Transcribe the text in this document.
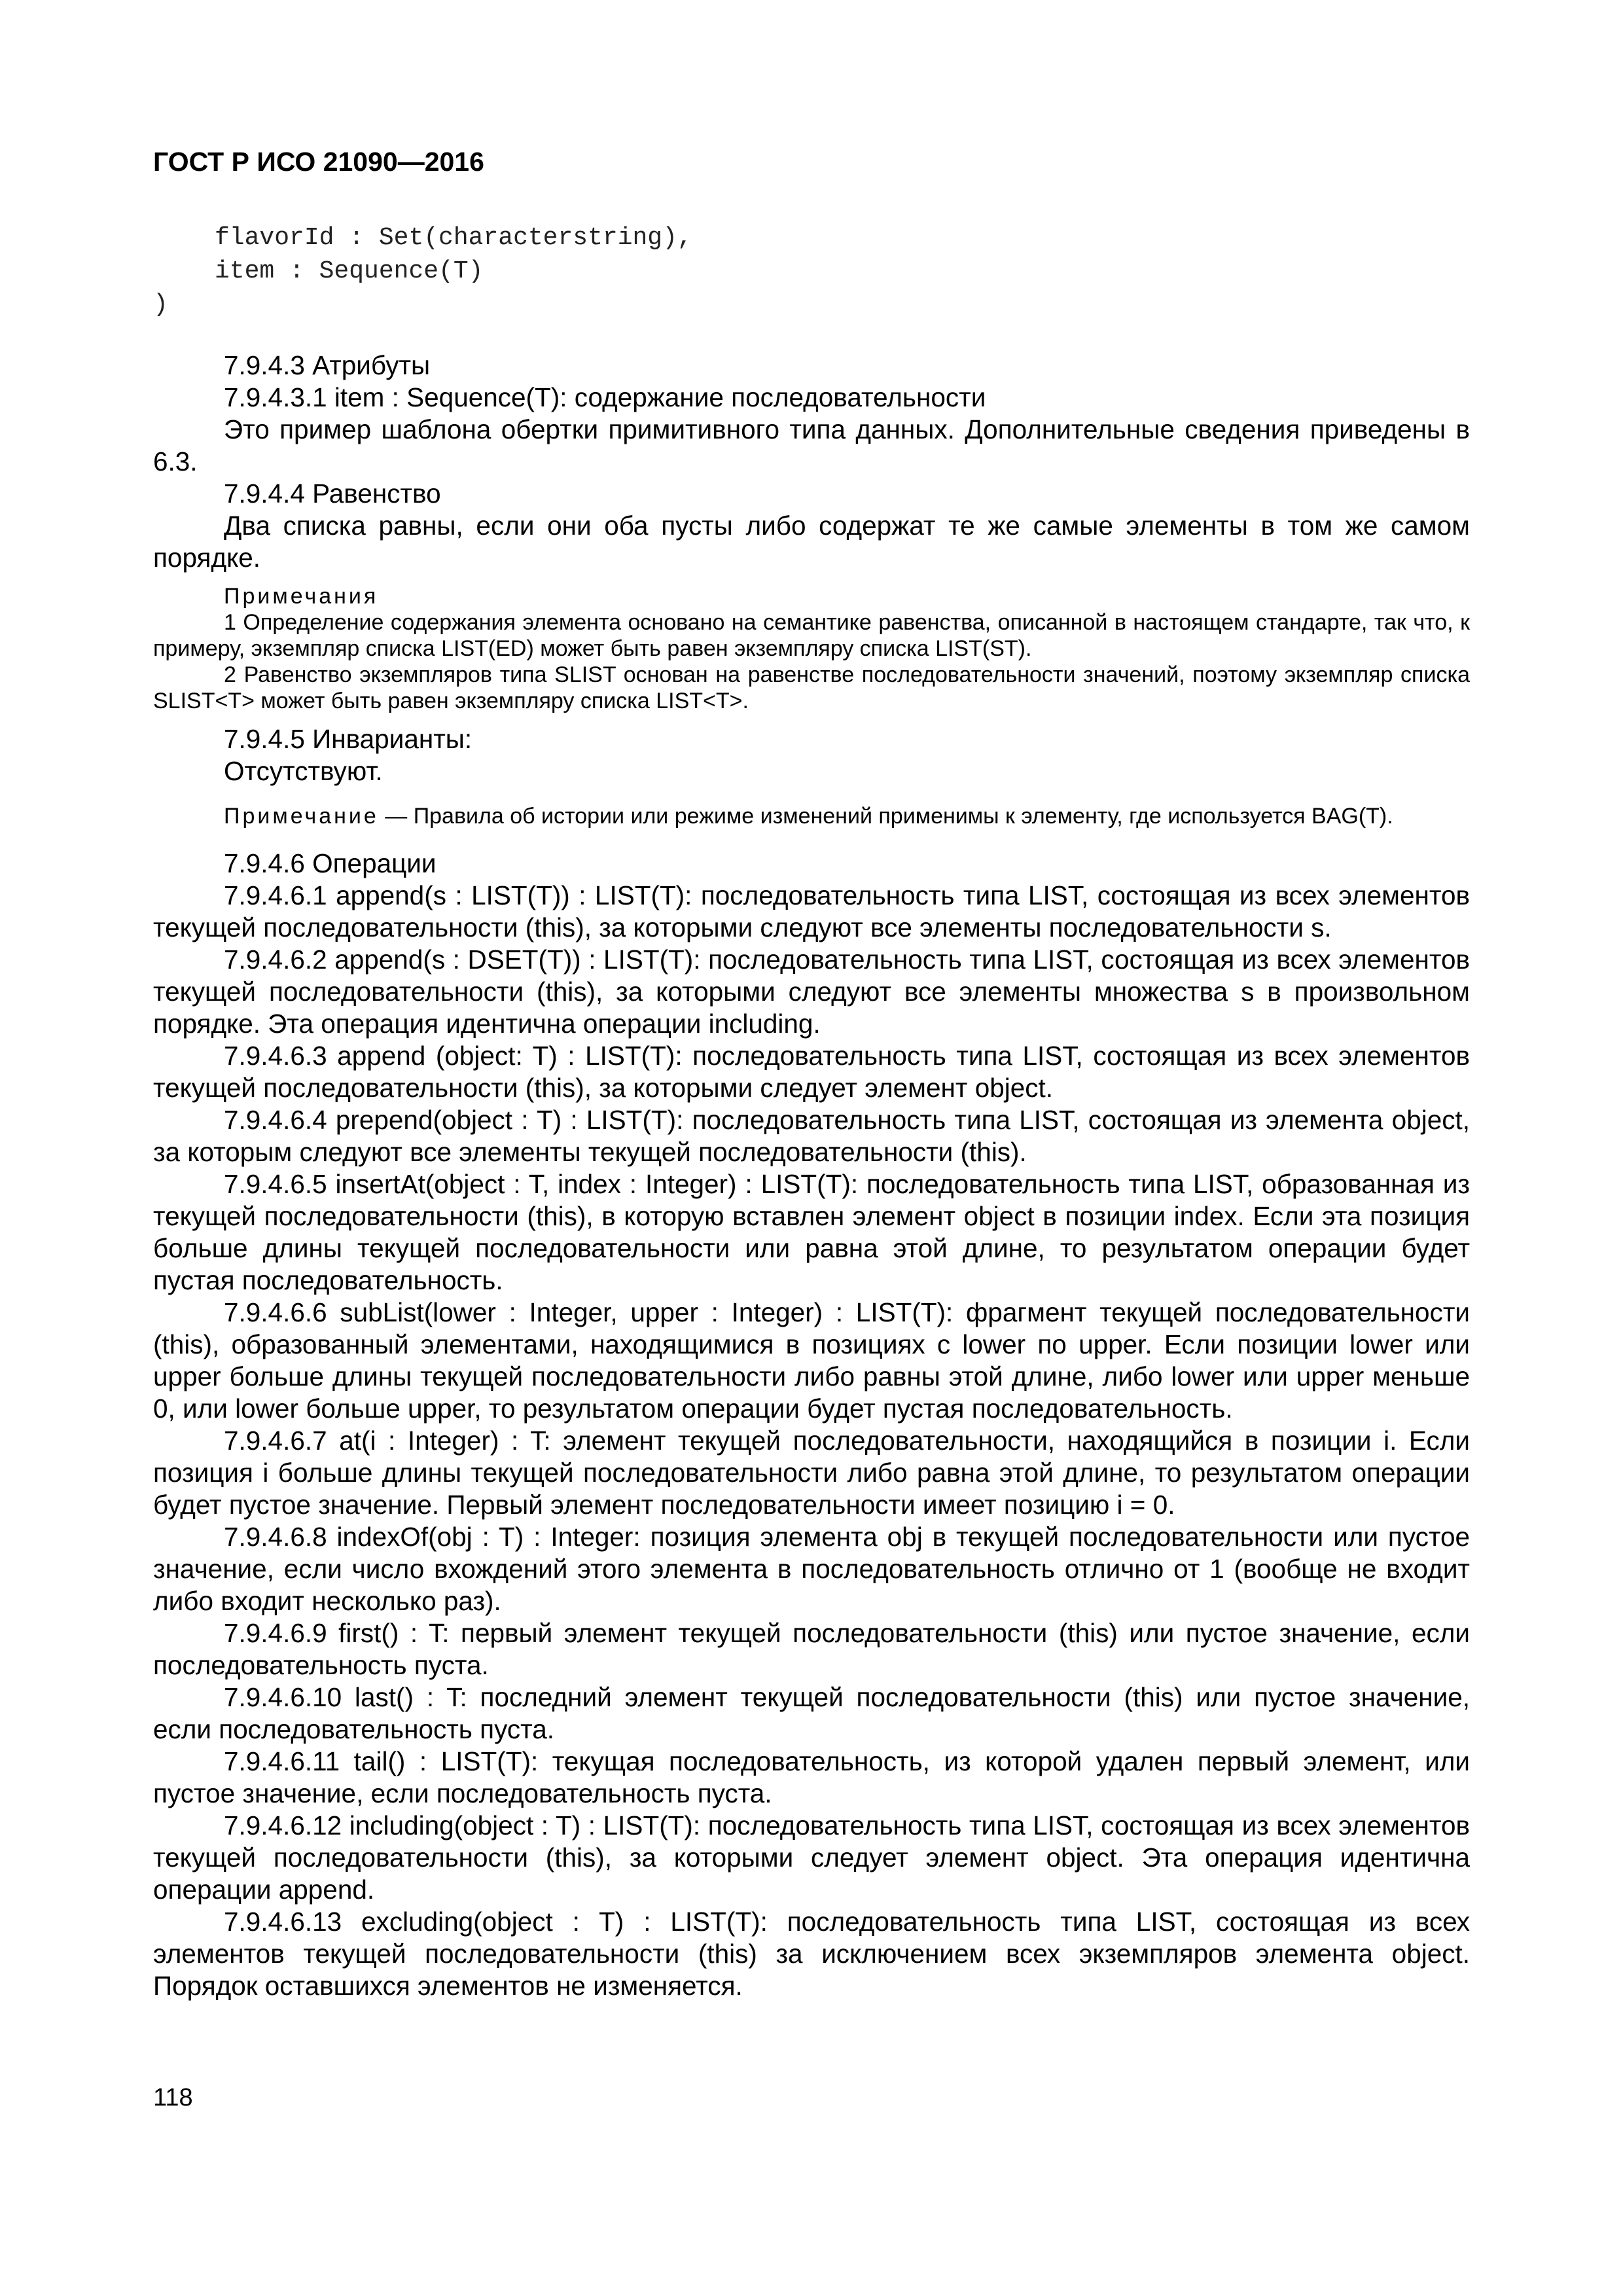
ГОСТ Р ИСО 21090—2016
flavorId : Set(characterstring),
item : Sequence(T)
)

7.9.4.3 Атрибуты

7.9.4.3.1 item : Sequence(T): содержание последовательности

Это пример шаблона обертки примитивного типа данных. Дополнительные сведения приведены в 6.3.

7.9.4.4 Равенство

Два списка равны, если они оба пусты либо содержат те же самые элементы в том же самом порядке.

Примечания

1 Определение содержания элемента основано на семантике равенства, описанной в настоящем стандарте, так что, к примеру, экземпляр списка LIST(ED) может быть равен экземпляру списка LIST(ST).

2 Равенство экземпляров типа SLIST основан на равенстве последовательности значений, поэтому экземпляр списка SLIST<T> может быть равен экземпляру списка LIST<T>.

7.9.4.5 Инварианты:

Отсутствуют.

Примечание — Правила об истории или режиме изменений применимы к элементу, где используется BAG(T).

7.9.4.6 Операции

7.9.4.6.1 append(s : LIST(T)) : LIST(T): последовательность типа LIST, состоящая из всех элементов текущей последовательности (this), за которыми следуют все элементы последовательности s.

7.9.4.6.2 append(s : DSET(T)) : LIST(T): последовательность типа LIST, состоящая из всех элементов текущей последовательности (this), за которыми следуют все элементы множества s в произвольном порядке. Эта операция идентична операции including.

7.9.4.6.3 append (object: T) : LIST(T): последовательность типа LIST, состоящая из всех элементов текущей последовательности (this), за которыми следует элемент object.

7.9.4.6.4 prepend(object : T) : LIST(T): последовательность типа LIST, состоящая из элемента object, за которым следуют все элементы текущей последовательности (this).

7.9.4.6.5 insertAt(object : T, index : Integer) : LIST(T): последовательность типа LIST, образованная из текущей последовательности (this), в которую вставлен элемент object в позиции index. Если эта позиция больше длины текущей последовательности или равна этой длине, то результатом операции будет пустая последовательность.

7.9.4.6.6 subList(lower : Integer, upper : Integer) : LIST(T): фрагмент текущей последовательности (this), образованный элементами, находящимися в позициях с lower по upper. Если позиции lower или upper больше длины текущей последовательности либо равны этой длине, либо lower или upper меньше 0, или lower больше upper, то результатом операции будет пустая последовательность.

7.9.4.6.7 at(i : Integer) : T: элемент текущей последовательности, находящийся в позиции i. Если позиция i больше длины текущей последовательности либо равна этой длине, то результатом операции будет пустое значение. Первый элемент последовательности имеет позицию i = 0.

7.9.4.6.8 indexOf(obj : T) : Integer: позиция элемента obj в текущей последовательности или пустое значение, если число вхождений этого элемента в последовательность отлично от 1 (вообще не входит либо входит несколько раз).

7.9.4.6.9 first() : T: первый элемент текущей последовательности (this) или пустое значение, если последовательность пуста.

7.9.4.6.10 last() : T: последний элемент текущей последовательности (this) или пустое значение, если последовательность пуста.

7.9.4.6.11 tail() : LIST(T): текущая последовательность, из которой удален первый элемент, или пустое значение, если последовательность пуста.

7.9.4.6.12 including(object : T) : LIST(T): последовательность типа LIST, состоящая из всех элементов текущей последовательности (this), за которыми следует элемент object. Эта операция идентична операции append.

7.9.4.6.13 excluding(object : T) : LIST(T): последовательность типа LIST, состоящая из всех элементов текущей последовательности (this) за исключением всех экземпляров элемента object. Порядок оставшихся элементов не изменяется.

118
